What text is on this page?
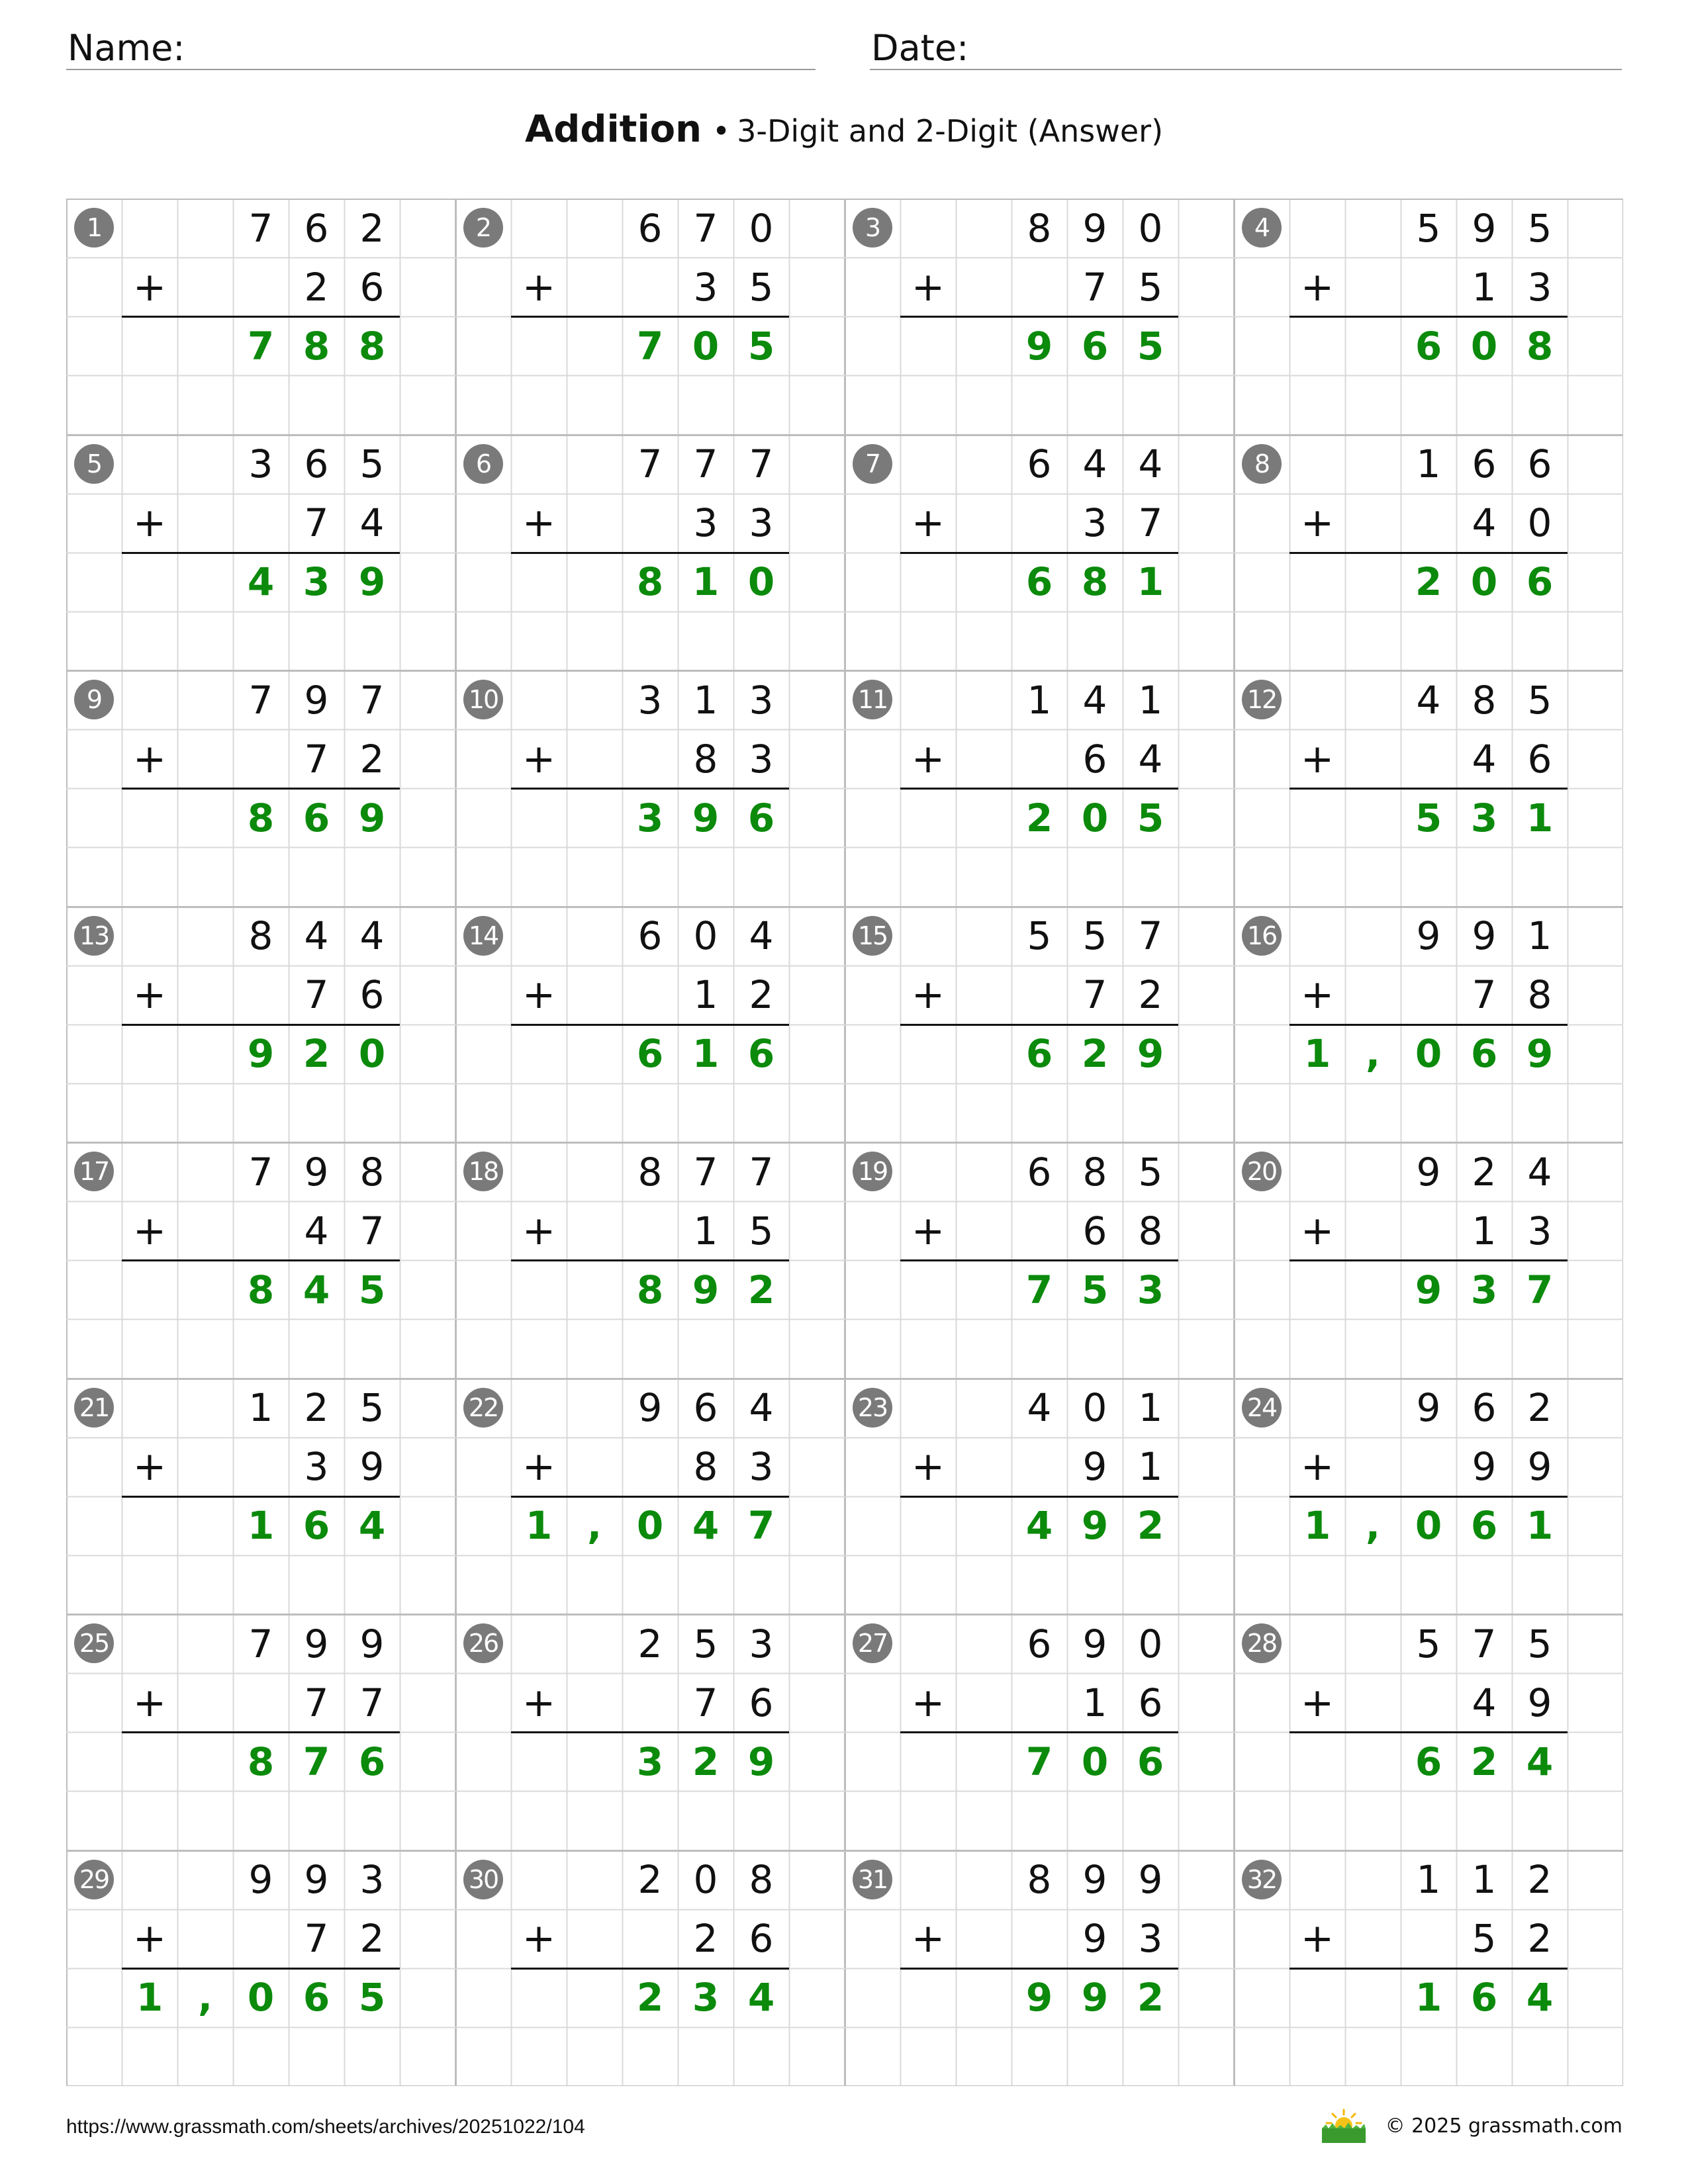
Name:	Date:
Addition • 3-Digit and 2-Digit (Answer)
1	7 6 2
+	2 6
7 8 8
2	6 7 0
+	3 5
7 0 5
3	8 9 0
+	7 5
9 6 5
4	5 9 5
+	1 3
6 0 8
5	3 6 5
+	7 4
4 3 9
6	7 7 7
+	3 3
8 1 0
7	6 4 4
+	3 7
6 8 1
8	1 6 6
+	4 0
2 0 6
9	7 9 7
+	7 2
8 6 9
10	3 1 3
+	8 3
3 9 6
11	1 4 1
+	6 4
2 0 5
12	4 8 5
+	4 6
5 3 1
13	8 4 4
+	7 6
9 2 0
14	6 0 4
+	1 2
6 1 6
15	5 5 7
+	7 2
6 2 9
16	9 9 1
+	7 8
1 , 0 6 9
17	7 9 8
+	4 7
8 4 5
18	8 7 7
+	1 5
8 9 2
19	6 8 5
+	6 8
7 5 3
20	9 2 4
+	1 3
9 3 7
21	1 2 5
+	3 9
1 6 4
22	9 6 4
+	8 3
1 , 0 4 7
23	4 0 1
+	9 1
4 9 2
24	9 6 2
+	9 9
1 , 0 6 1
25	7 9 9
+	7 7
8 7 6
26	2 5 3
+	7 6
3 2 9
27	6 9 0
+	1 6
7 0 6
28	5 7 5
+	4 9
6 2 4
29	9 9 3
+	7 2
1 , 0 6 5
30	2 0 8
+	2 6
2 3 4
31	8 9 9
+	9 3
9 9 2
32	1 1 2
+	5 2
1 6 4
https://www.grassmath.com/sheets/archives/20251022/104	© 2025 grassmath.com
